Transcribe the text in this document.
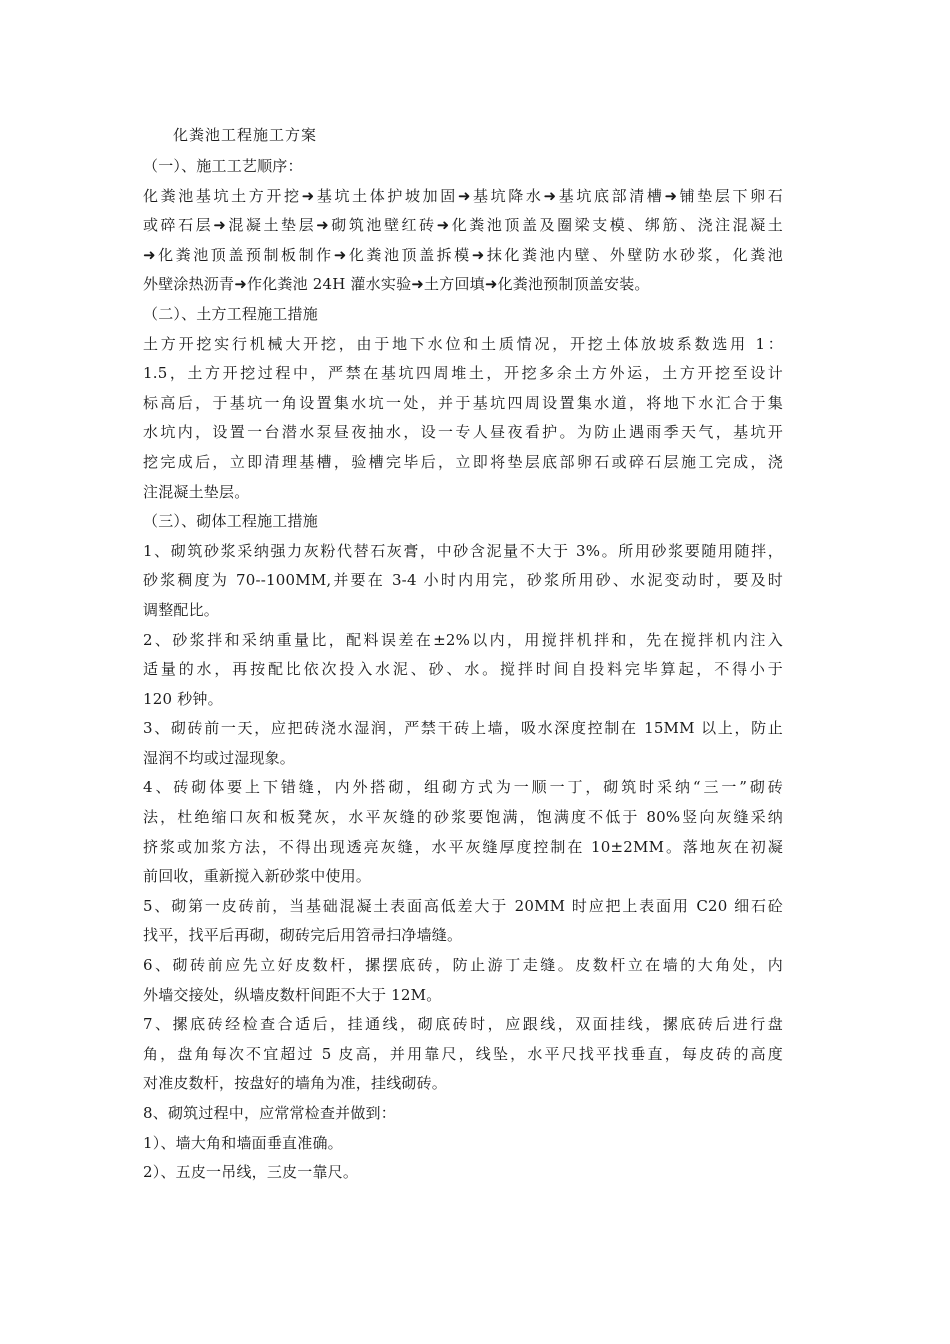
化粪池工程施工方案
（一）、施工工艺顺序：
化粪池基坑土方开挖➜基坑土体护坡加固➜基坑降水➜基坑底部清槽➜铺垫层下卵石
或碎石层➜混凝土垫层➜砌筑池壁红砖➜化粪池顶盖及圈梁支模、绑筋、浇注混凝土
➜化粪池顶盖预制板制作➜化粪池顶盖拆模➜抹化粪池内壁、外壁防水砂浆，化粪池
外壁涂热沥青➜作化粪池 24H 灌水实验➜土方回填➜化粪池预制顶盖安装。
（二）、土方工程施工措施
土方开挖实行机械大开挖，由于地下水位和土质情况，开挖土体放坡系数选用 1：
1.5，土方开挖过程中，严禁在基坑四周堆土，开挖多余土方外运，土方开挖至设计
标高后，于基坑一角设置集水坑一处，并于基坑四周设置集水道，将地下水汇合于集
水坑内，设置一台潜水泵昼夜抽水，设一专人昼夜看护。为防止遇雨季天气，基坑开
挖完成后，立即清理基槽，验槽完毕后，立即将垫层底部卵石或碎石层施工完成，浇
注混凝土垫层。
（三）、砌体工程施工措施
1、砌筑砂浆采纳强力灰粉代替石灰膏，中砂含泥量不大于 3%。所用砂浆要随用随拌，
砂浆稠度为 70--100MM,并要在 3-4 小时内用完，砂浆所用砂、水泥变动时，要及时
调整配比。
2、砂浆拌和采纳重量比，配料误差在±2%以内，用搅拌机拌和，先在搅拌机内注入
适量的水，再按配比依次投入水泥、砂、水。搅拌时间自投料完毕算起，不得小于
120 秒钟。
3、砌砖前一天，应把砖浇水湿润，严禁干砖上墙，吸水深度控制在 15MM 以上，防止
湿润不均或过湿现象。
4、砖砌体要上下错缝，内外搭砌，组砌方式为一顺一丁，砌筑时采纳“三一”砌砖
法，杜绝缩口灰和板凳灰，水平灰缝的砂浆要饱满，饱满度不低于 80%竖向灰缝采纳
挤浆或加浆方法，不得出现透亮灰缝，水平灰缝厚度控制在 10±2MM。落地灰在初凝
前回收，重新搅入新砂浆中使用。
5、砌第一皮砖前，当基础混凝土表面高低差大于 20MM 时应把上表面用 C20 细石砼
找平，找平后再砌，砌砖完后用笤帚扫净墙缝。
6、砌砖前应先立好皮数杆，摞摆底砖，防止游丁走缝。皮数杆立在墙的大角处，内
外墙交接处，纵墙皮数杆间距不大于 12M。
7、摞底砖经检查合适后，挂通线，砌底砖时，应跟线，双面挂线，摞底砖后进行盘
角，盘角每次不宜超过 5 皮高，并用靠尺，线坠，水平尺找平找垂直，每皮砖的高度
对准皮数杆，按盘好的墙角为准，挂线砌砖。
8、砌筑过程中，应常常检查并做到：
1）、墙大角和墙面垂直准确。
2）、五皮一吊线，三皮一靠尺。
